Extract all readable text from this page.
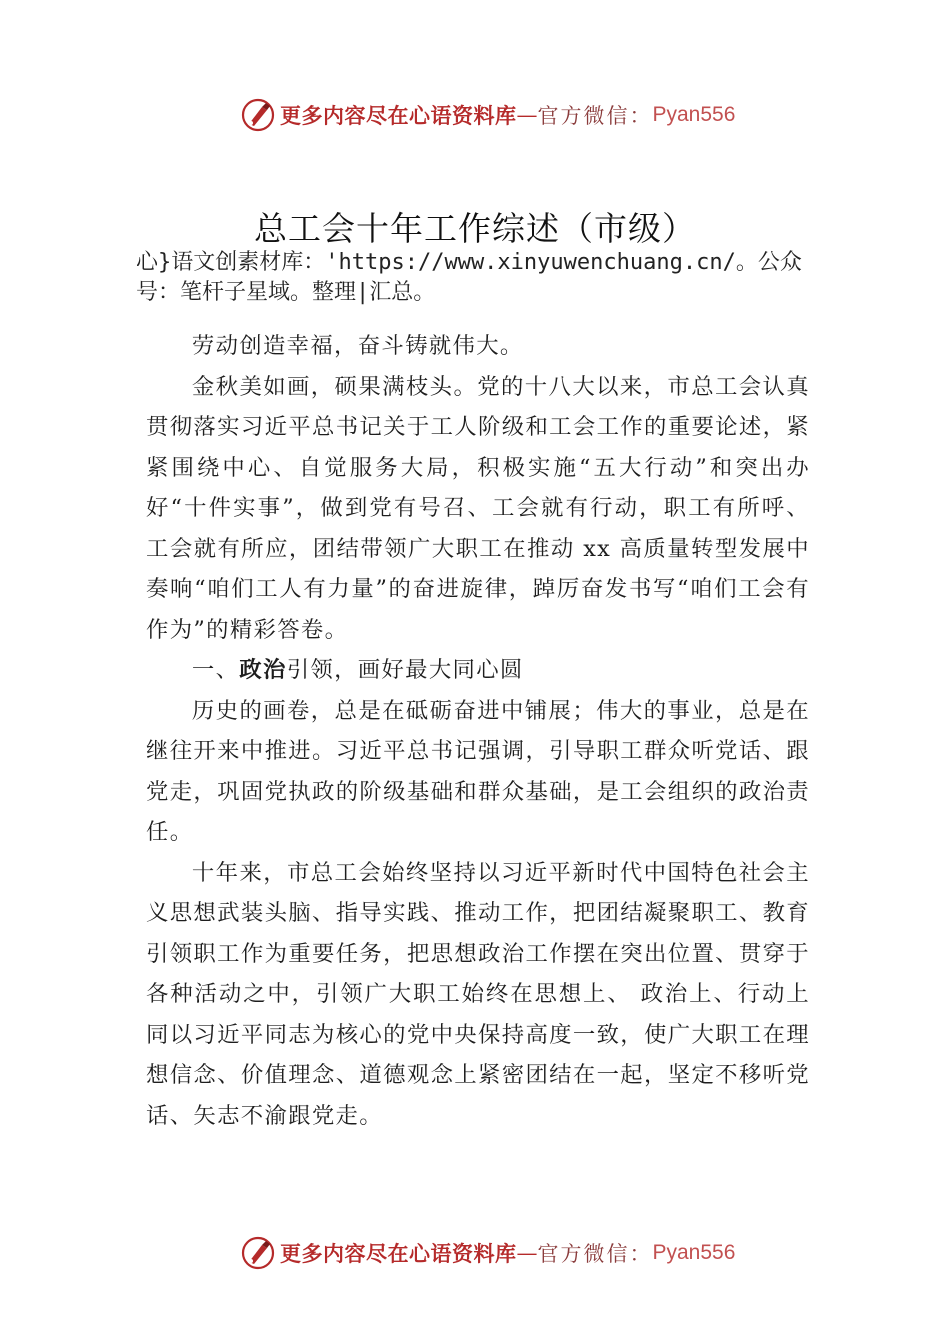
更多内容尽在心语资料库 — 官方微信： Pyan556
总工会十年工作综述（市级）
心}语文创素材库：'https://www.xinyuwenchuang.cn/。公众
号：笔杆子星域。整理|汇总。

劳动创造幸福，奋斗铸就伟大。

金秋美如画，硕果满枝头。党的十八大以来，市总工会认真贯彻落实习近平总书记关于工人阶级和工会工作的重要论述，紧紧围绕中心、自觉服务大局，积极实施“五大行动”和突出办好“十件实事”，做到党有号召、工会就有行动，职工有所呼、工会就有所应，团结带领广大职工在推动 xx 高质量转型发展中奏响“咱们工人有力量”的奋进旋律，踔厉奋发书写“咱们工会有作为”的精彩答卷。

一、政治引领，画好最大同心圆

历史的画卷，总是在砥砺奋进中铺展；伟大的事业，总是在继往开来中推进。习近平总书记强调，引导职工群众听党话、跟党走，巩固党执政的阶级基础和群众基础，是工会组织的政治责任。

十年来，市总工会始终坚持以习近平新时代中国特色社会主义思想武装头脑、指导实践、推动工作，把团结凝聚职工、教育引领职工作为重要任务，把思想政治工作摆在突出位置、贯穿于各种活动之中，引领广大职工始终在思想上、 政治上、行动上同以习近平同志为核心的党中央保持高度一致，使广大职工在理想信念、价值理念、道德观念上紧密团结在一起，坚定不移听党话、矢志不渝跟党走。

更多内容尽在心语资料库 — 官方微信： Pyan556
